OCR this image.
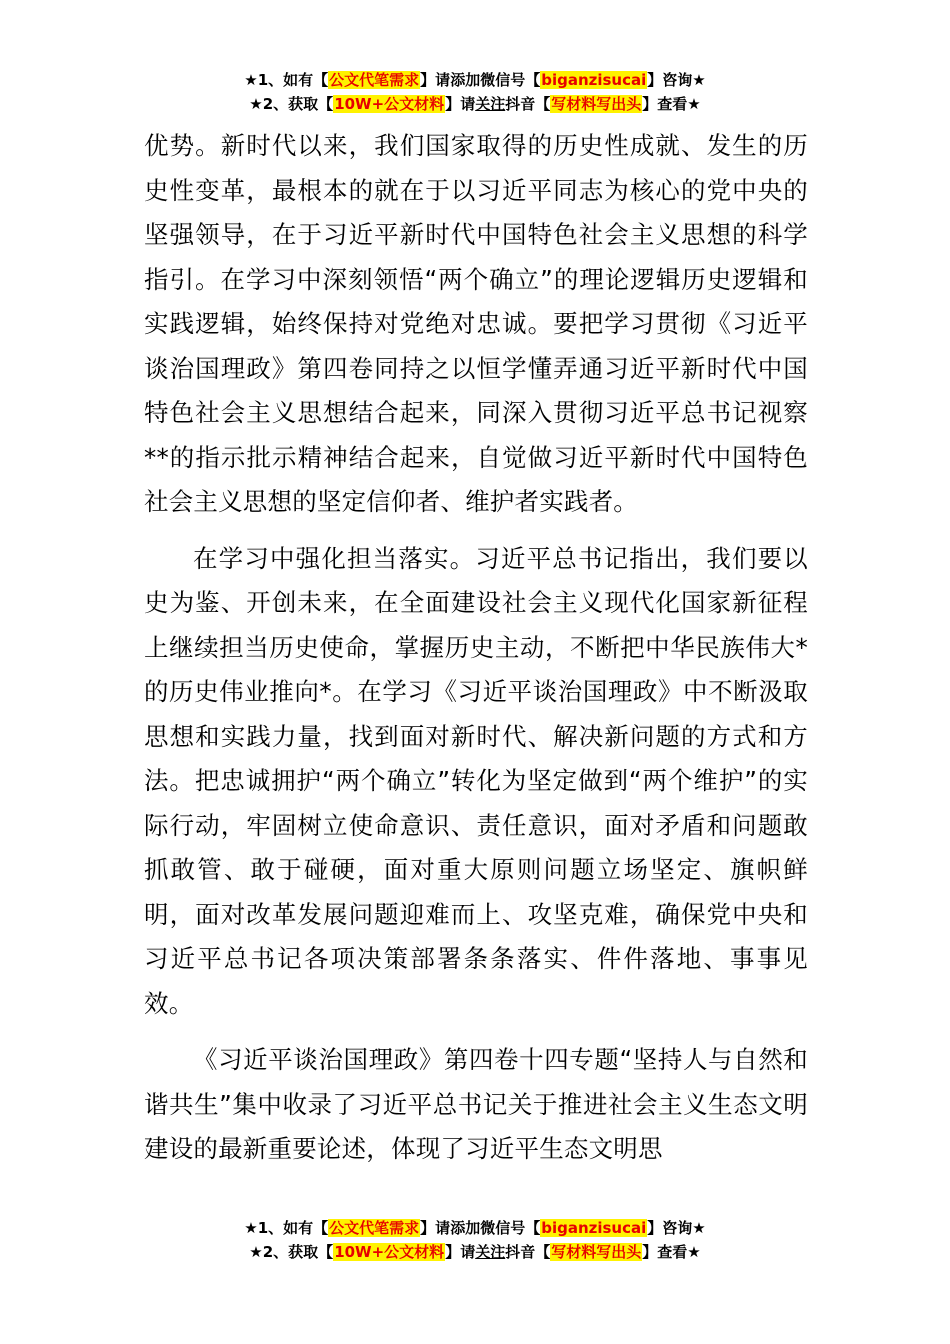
★1、如有【公文代笔需求】请添加微信号【biganzisucai】咨询★
★2、获取【10W+公文材料】请关注抖音【写材料写出头】查看★

优势。新时代以来，我们国家取得的历史性成就、发生的历史性变革，最根本的就在于以习近平同志为核心的党中央的坚强领导，在于习近平新时代中国特色社会主义思想的科学指引。在学习中深刻领悟“两个确立”的理论逻辑历史逻辑和实践逻辑，始终保持对党绝对忠诚。要把学习贯彻《习近平谈治国理政》第四卷同持之以恒学懂弄通习近平新时代中国特色社会主义思想结合起来，同深入贯彻习近平总书记视察**的指示批示精神结合起来，自觉做习近平新时代中国特色社会主义思想的坚定信仰者、维护者实践者。

在学习中强化担当落实。习近平总书记指出，我们要以史为鉴、开创未来，在全面建设社会主义现代化国家新征程上继续担当历史使命，掌握历史主动，不断把中华民族伟大*的历史伟业推向*。在学习《习近平谈治国理政》中不断汲取思想和实践力量，找到面对新时代、解决新问题的方式和方法。把忠诚拥护“两个确立”转化为坚定做到“两个维护”的实际行动，牢固树立使命意识、责任意识，面对矛盾和问题敢抓敢管、敢于碰硬，面对重大原则问题立场坚定、旗帜鲜明，面对改革发展问题迎难而上、攻坚克难，确保党中央和习近平总书记各项决策部署条条落实、件件落地、事事见效。

《习近平谈治国理政》第四卷十四专题“坚持人与自然和谐共生”集中收录了习近平总书记关于推进社会主义生态文明建设的最新重要论述，体现了习近平生态文明思

★1、如有【公文代笔需求】请添加微信号【biganzisucai】咨询★
★2、获取【10W+公文材料】请关注抖音【写材料写出头】查看★
